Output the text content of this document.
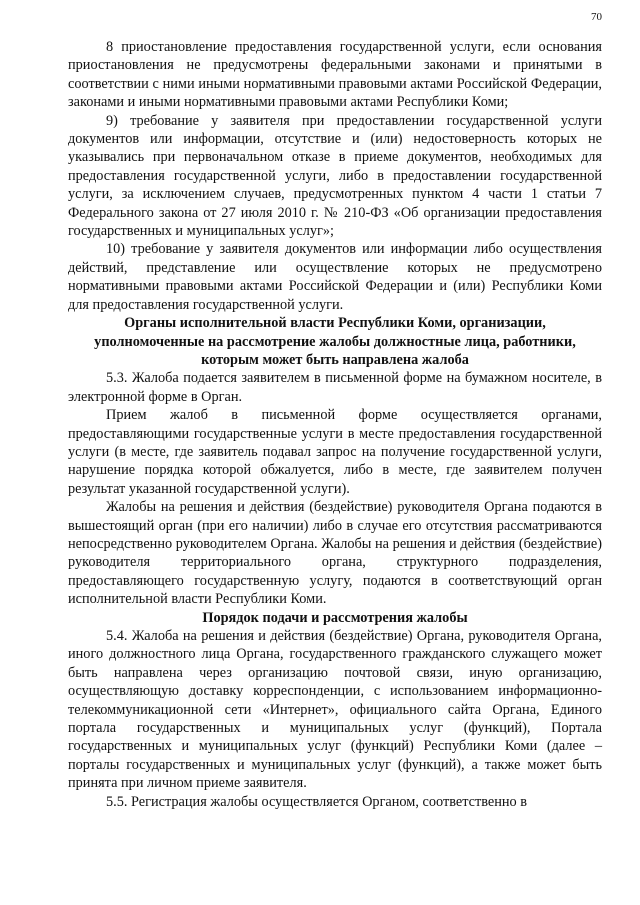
70

8 приостановление предоставления государственной услуги, если основания приостановления не предусмотрены федеральными законами и принятыми в соответствии с ними иными нормативными правовыми актами Российской Федерации, законами и иными нормативными правовыми актами Республики Коми;

9) требование у заявителя при предоставлении государственной услуги документов или информации, отсутствие и (или) недостоверность которых не указывались при первоначальном отказе в приеме документов, необходимых для предоставления государственной услуги, либо в предоставлении государственной услуги, за исключением случаев, предусмотренных пунктом 4 части 1 статьи 7 Федерального закона от 27 июля 2010 г. № 210-ФЗ «Об организации предоставления государственных и муниципальных услуг»;

10) требование у заявителя документов или информации либо осуществления действий, представление или осуществление которых не предусмотрено нормативными правовыми актами Российской Федерации и (или) Республики Коми для предоставления государственной услуги.

Органы исполнительной власти Республики Коми, организации, уполномоченные на рассмотрение жалобы должностные лица, работники, которым может быть направлена жалоба

5.3. Жалоба подается заявителем в письменной форме на бумажном носителе, в электронной форме в Орган.

Прием жалоб в письменной форме осуществляется органами, предоставляющими государственные услуги в месте предоставления государственной услуги (в месте, где заявитель подавал запрос на получение государственной услуги, нарушение порядка которой обжалуется, либо в месте, где заявителем получен результат указанной государственной услуги).

Жалобы на решения и действия (бездействие) руководителя Органа подаются в вышестоящий орган (при его наличии) либо в случае его отсутствия рассматриваются непосредственно руководителем Органа. Жалобы на решения и действия (бездействие) руководителя территориального органа, структурного подразделения, предоставляющего государственную услугу, подаются в соответствующий орган исполнительной власти Республики Коми.

Порядок подачи и рассмотрения жалобы

5.4. Жалоба на решения и действия (бездействие) Органа, руководителя Органа, иного должностного лица Органа, государственного гражданского служащего может быть направлена через организацию почтовой связи, иную организацию, осуществляющую доставку корреспонденции, с использованием информационно-телекоммуникационной сети «Интернет», официального сайта Органа, Единого портала государственных и муниципальных услуг (функций), Портала государственных и муниципальных услуг (функций) Республики Коми (далее – порталы государственных и муниципальных услуг (функций), а также может быть принята при личном приеме заявителя.

5.5. Регистрация жалобы осуществляется Органом, соответственно в
